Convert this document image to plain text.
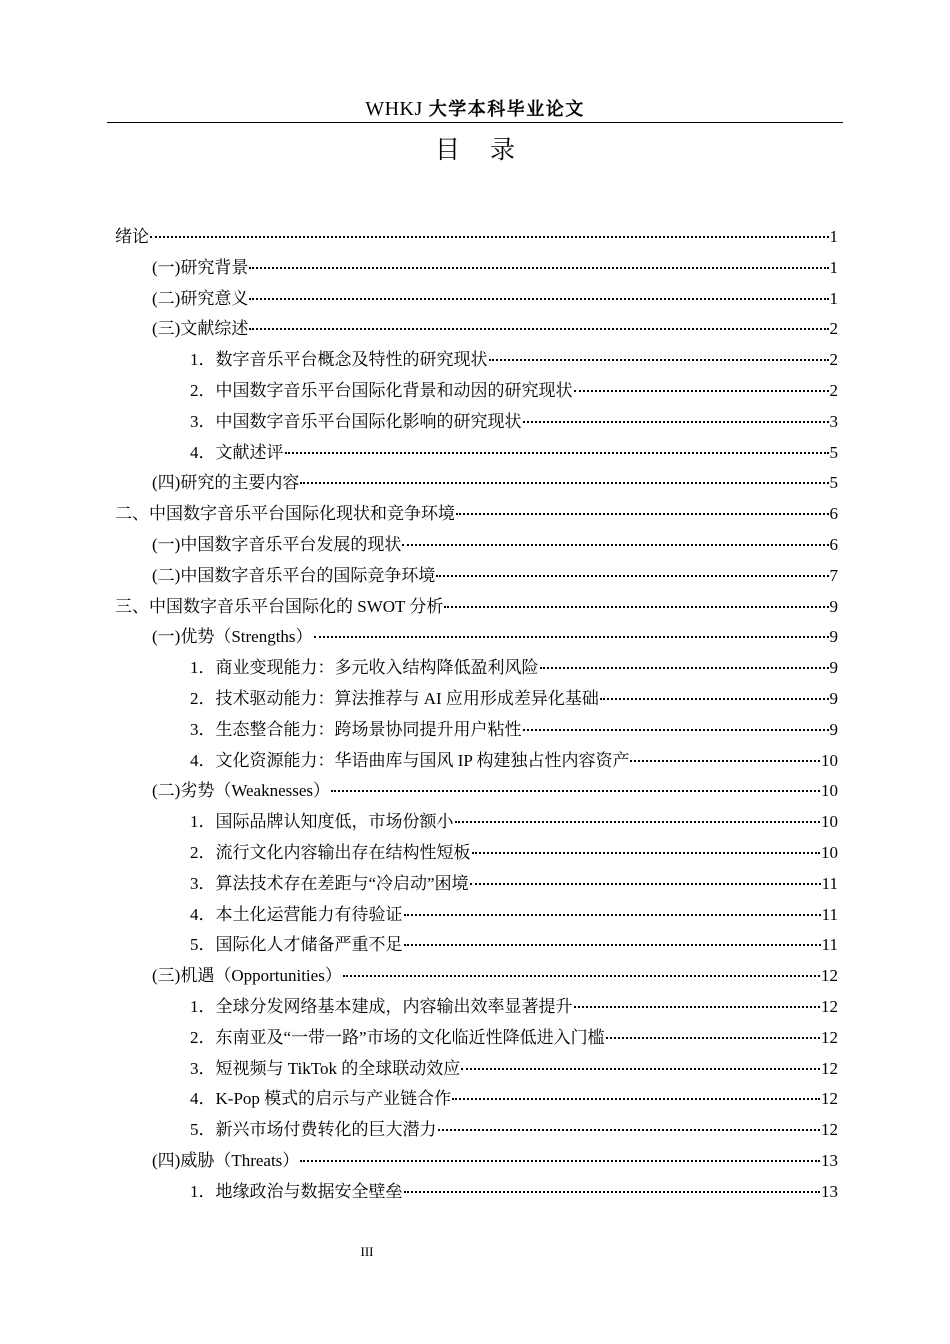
WHKJ 大学本科毕业论文
目录
绪论	1
(一)研究背景	1
(二)研究意义	1
(三)文献综述	2
1．数字音乐平台概念及特性的研究现状	2
2．中国数字音乐平台国际化背景和动因的研究现状	2
3．中国数字音乐平台国际化影响的研究现状	3
4．文献述评	5
(四)研究的主要内容	5
二、中国数字音乐平台国际化现状和竞争环境	6
(一)中国数字音乐平台发展的现状	6
(二)中国数字音乐平台的国际竞争环境	7
三、中国数字音乐平台国际化的 SWOT 分析	9
(一)优势（Strengths）	9
1．商业变现能力：多元收入结构降低盈利风险	9
2．技术驱动能力：算法推荐与 AI 应用形成差异化基础	9
3．生态整合能力：跨场景协同提升用户粘性	9
4．文化资源能力：华语曲库与国风 IP 构建独占性内容资产	10
(二)劣势（Weaknesses）	10
1．国际品牌认知度低，市场份额小	10
2．流行文化内容输出存在结构性短板	10
3．算法技术存在差距与“冷启动”困境	11
4．本土化运营能力有待验证	11
5．国际化人才储备严重不足	11
(三)机遇（Opportunities）	12
1．全球分发网络基本建成，内容输出效率显著提升	12
2．东南亚及“一带一路”市场的文化临近性降低进入门槛	12
3．短视频与 TikTok 的全球联动效应	12
4．K-Pop 模式的启示与产业链合作	12
5．新兴市场付费转化的巨大潜力	12
(四)威胁（Threats）	13
1．地缘政治与数据安全壁垒	13
III
